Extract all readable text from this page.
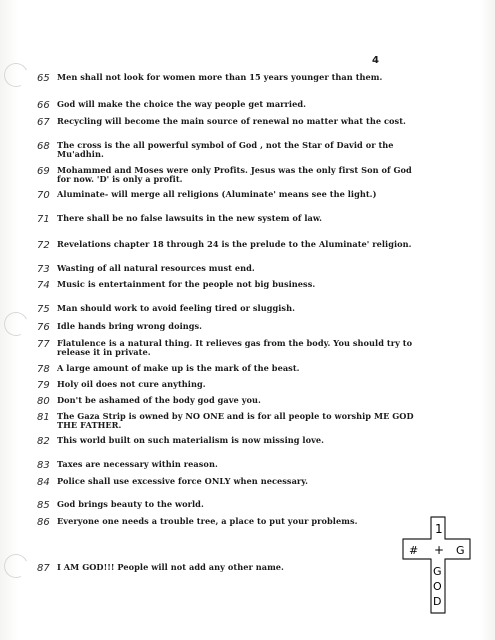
4
65 Men shall not look for women more than 15 years younger than them.
66 God will make the choice the way people get married.
67 Recycling will become the main source of renewal no matter what the cost.
68 The cross is the all powerful symbol of God , not the Star of David or the Mu'adhin.
69 Mohammed and Moses were only Profits. Jesus was the only first Son of God for now. 'D' is only a profit.
70 Aluminate- will merge all religions (Aluminate' means see the light.)
71 There shall be no false lawsuits in the new system of law.
72 Revelations chapter 18 through 24 is the prelude to the Aluminate' religion.
73 Wasting of all natural resources must end.
74 Music is entertainment for the people not big business.
75 Man should work to avoid feeling tired or sluggish.
76 Idle hands bring wrong doings.
77 Flatulence is a natural thing. It relieves gas from the body. You should try to release it in private.
78 A large amount of make up is the mark of the beast.
79 Holy oil does not cure anything.
80 Don't be ashamed of the body god gave you.
81 The Gaza Strip is owned by NO ONE and is for all people to worship ME GOD THE FATHER.
82 This world built on such materialism is now missing love.
83 Taxes are necessary within reason.
84 Police shall use excessive force ONLY when necessary.
85 God brings beauty to the world.
86 Everyone one needs a trouble tree, a place to put your problems.
87 I AM GOD!!! People will not add any other name.
1
# + G
G
O
D
